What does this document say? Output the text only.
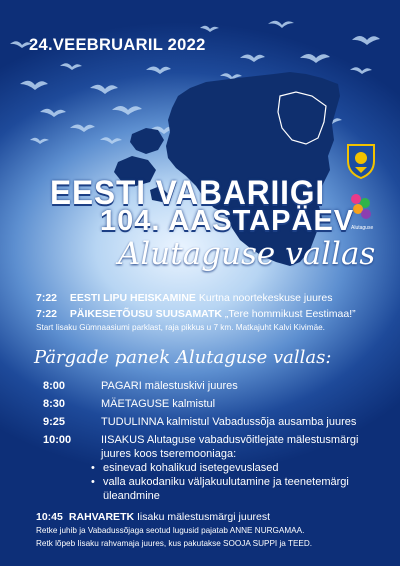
Alutaguse
24.VEEBRUARIL 2022
EESTI VABARIIGI
104. AASTAPÄEV
Alutaguse vallas
7:22 EESTI LIPU HEISKAMINE Kurtna noortekeskuse juures
7:22 PÄIKESETÕUSU SUUSAMATK „Tere hommikust Eestimaa!”
Start Iisaku Gümnaasiumi parklast, raja pikkus u 7 km. Matkajuht Kalvi Kivimäe.
Pärgade panek Alutaguse vallas:
8:00	PAGARI mälestuskivi juures
8:30	MÄETAGUSE kalmistul
9:25	TUDULINNA kalmistul Vabadussõja ausamba juures
10:00	IISAKUS Alutaguse vabadusvõitlejate mälestusmärgi
juures koos tseremooniaga:
• esinevad kohalikud isetegevuslased
• valla aukodaniku väljakuulutamine ja teenetemärgi
üleandmine
10:45 RAHVARETK Iisaku mälestusmärgi juurest
Retke juhib ja Vabadussõjaga seotud lugusid pajatab ANNE NURGAMAA.
Retk lõpeb Iisaku rahvamaja juures, kus pakutakse SOOJA SUPPI ja TEED.
